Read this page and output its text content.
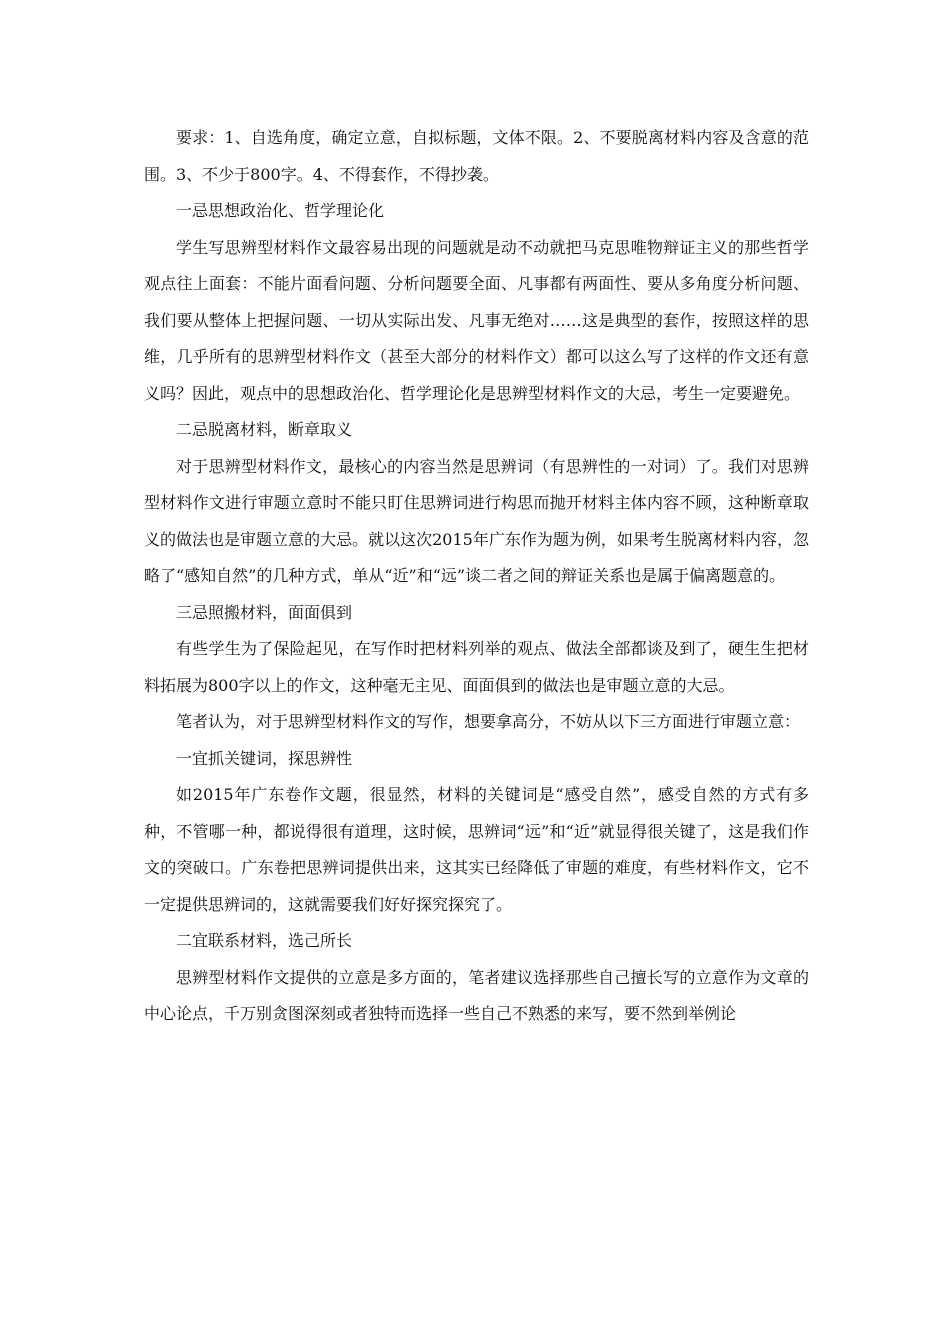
要求：1、自选角度，确定立意，自拟标题，文体不限。2、不要脱离材料内容及含意的范围。3、不少于800字。4、不得套作，不得抄袭。

一忌思想政治化、哲学理论化

学生写思辨型材料作文最容易出现的问题就是动不动就把马克思唯物辩证主义的那些哲学观点往上面套：不能片面看问题、分析问题要全面、凡事都有两面性、要从多角度分析问题、我们要从整体上把握问题、一切从实际出发、凡事无绝对……这是典型的套作，按照这样的思维，几乎所有的思辨型材料作文（甚至大部分的材料作文）都可以这么写了这样的作文还有意义吗？因此，观点中的思想政治化、哲学理论化是思辨型材料作文的大忌，考生一定要避免。

二忌脱离材料，断章取义

对于思辨型材料作文，最核心的内容当然是思辨词（有思辨性的一对词）了。我们对思辨型材料作文进行审题立意时不能只盯住思辨词进行构思而抛开材料主体内容不顾，这种断章取义的做法也是审题立意的大忌。就以这次2015年广东作为题为例，如果考生脱离材料内容，忽略了“感知自然”的几种方式，单从“近”和“远”谈二者之间的辩证关系也是属于偏离题意的。

三忌照搬材料，面面俱到

有些学生为了保险起见，在写作时把材料列举的观点、做法全部都谈及到了，硬生生把材料拓展为800字以上的作文，这种毫无主见、面面俱到的做法也是审题立意的大忌。

笔者认为，对于思辨型材料作文的写作，想要拿高分，不妨从以下三方面进行审题立意：

一宜抓关键词，探思辨性

如2015年广东卷作文题，很显然，材料的关键词是“感受自然”，感受自然的方式有多种，不管哪一种，都说得很有道理，这时候，思辨词“远”和“近”就显得很关键了，这是我们作文的突破口。广东卷把思辨词提供出来，这其实已经降低了审题的难度，有些材料作文，它不一定提供思辨词的，这就需要我们好好探究探究了。

二宜联系材料，选己所长

思辨型材料作文提供的立意是多方面的，笔者建议选择那些自己擅长写的立意作为文章的中心论点，千万别贪图深刻或者独特而选择一些自己不熟悉的来写，要不然到举例论
